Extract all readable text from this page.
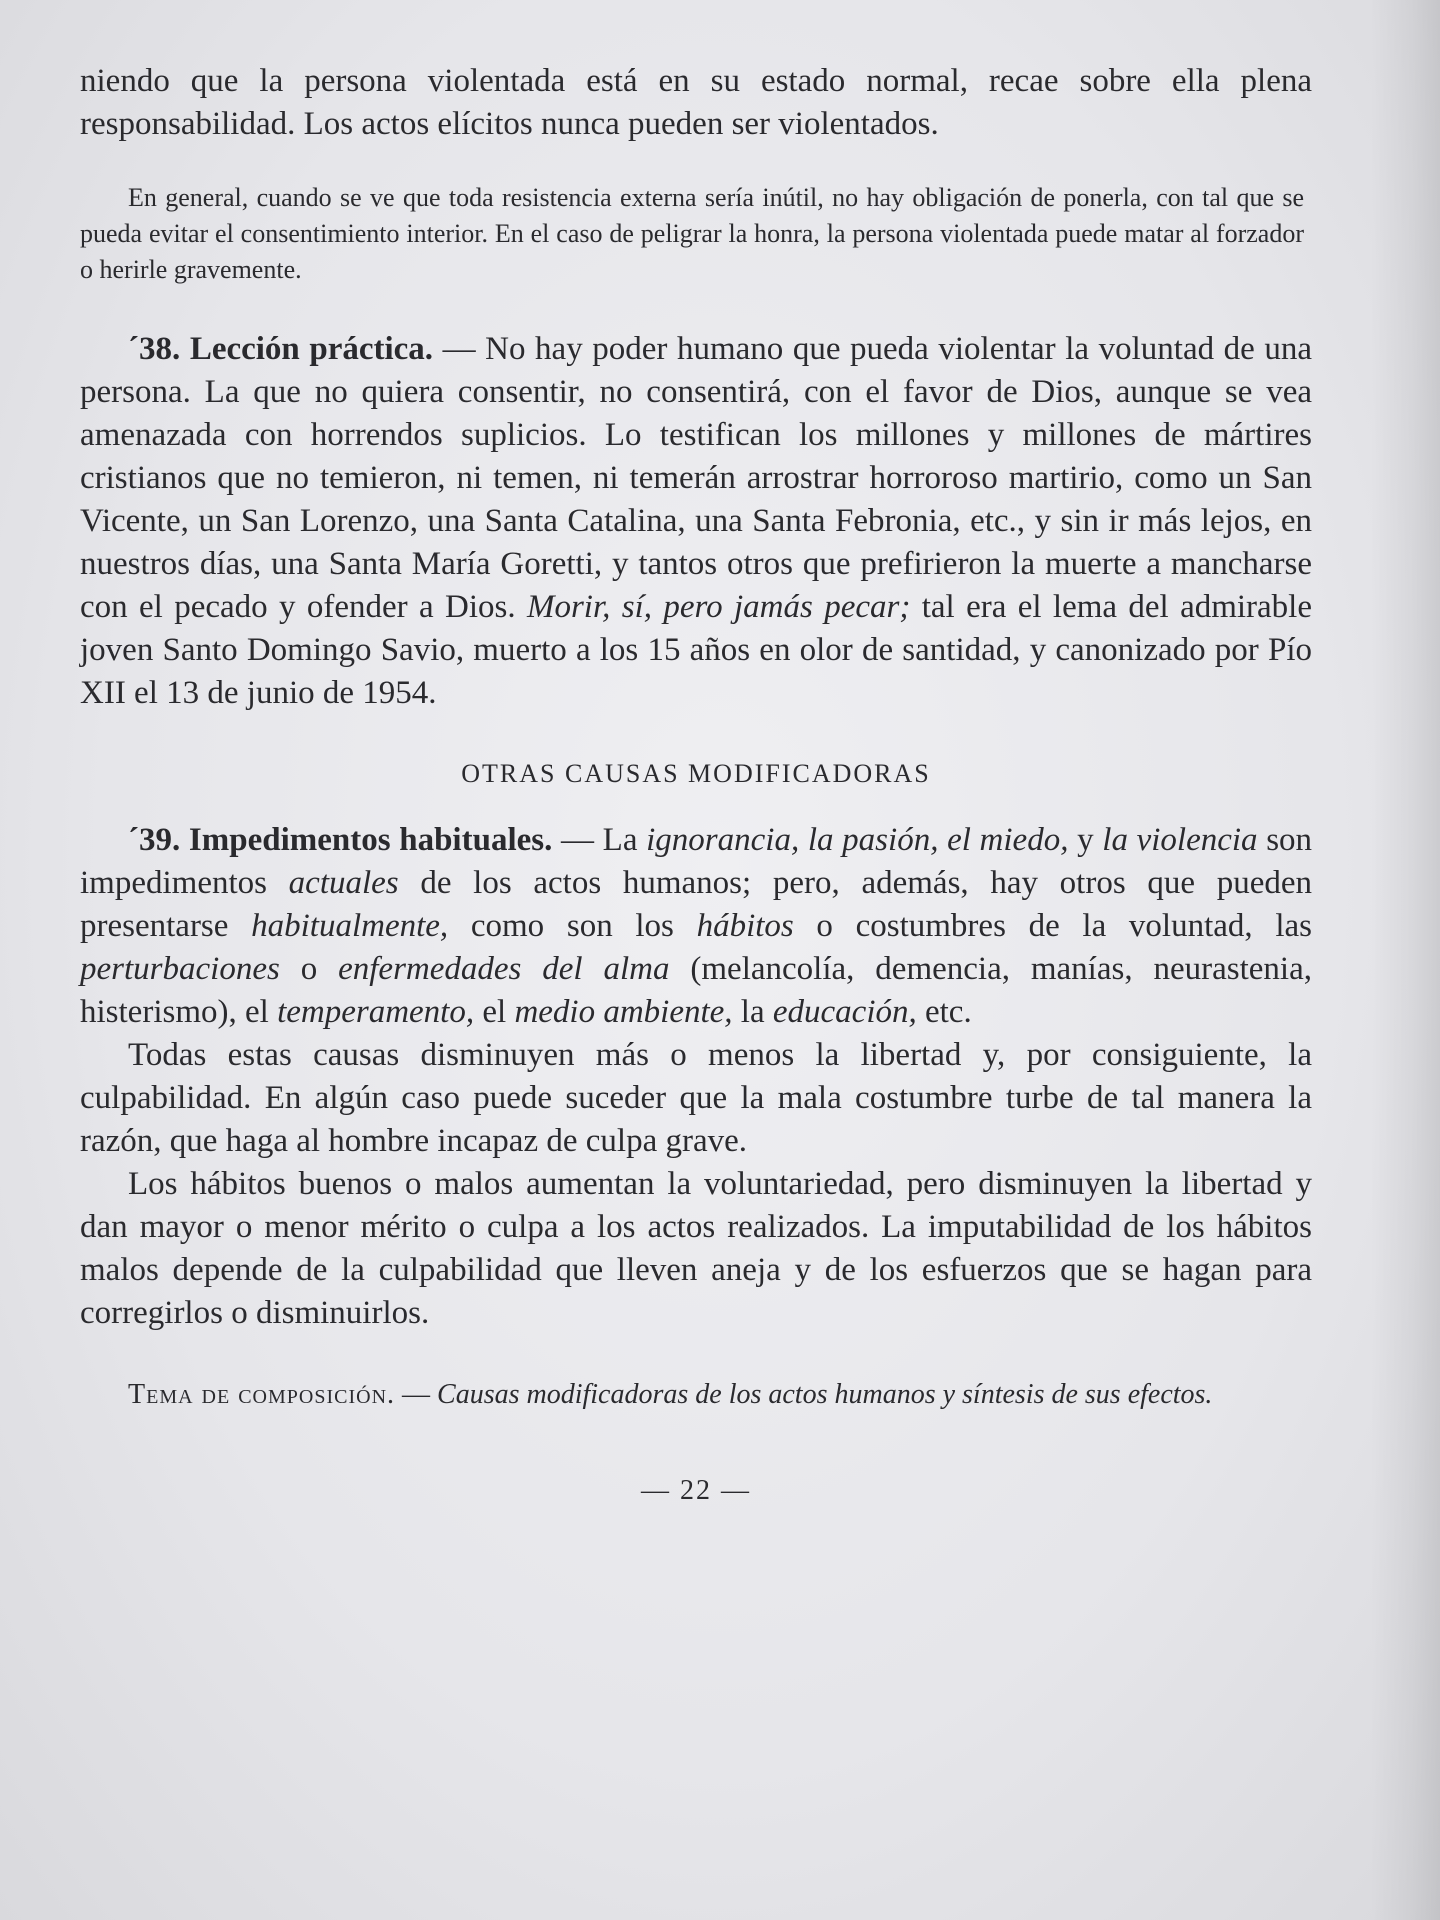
niendo que la persona violentada está en su estado normal, recae sobre ella plena responsabilidad. Los actos elícitos nunca pueden ser violentados.

En general, cuando se ve que toda resistencia externa sería inútil, no hay obligación de ponerla, con tal que se pueda evitar el consentimiento interior. En el caso de peligrar la honra, la persona violentada puede matar al forzador o herirle gravemente.

´38. Lección práctica. — No hay poder humano que pueda violentar la voluntad de una persona. La que no quiera consentir, no consentirá, con el favor de Dios, aunque se vea amenazada con horrendos suplicios. Lo testifican los millones y millones de mártires cristianos que no temieron, ni temen, ni temerán arrostrar horroroso martirio, como un San Vicente, un San Lorenzo, una Santa Catalina, una Santa Febronia, etc., y sin ir más lejos, en nuestros días, una Santa María Goretti, y tantos otros que prefirieron la muerte a mancharse con el pecado y ofender a Dios. Morir, sí, pero jamás pecar; tal era el lema del admirable joven Santo Domingo Savio, muerto a los 15 años en olor de santidad, y canonizado por Pío XII el 13 de junio de 1954.

OTRAS CAUSAS MODIFICADORAS

´39. Impedimentos habituales. — La ignorancia, la pasión, el miedo, y la violencia son impedimentos actuales de los actos humanos; pero, además, hay otros que pueden presentarse habitualmente, como son los hábitos o costumbres de la voluntad, las perturbaciones o enfermedades del alma (melancolía, demencia, manías, neurastenia, histerismo), el temperamento, el medio ambiente, la educación, etc.

Todas estas causas disminuyen más o menos la libertad y, por consiguiente, la culpabilidad. En algún caso puede suceder que la mala costumbre turbe de tal manera la razón, que haga al hombre incapaz de culpa grave.

Los hábitos buenos o malos aumentan la voluntariedad, pero disminuyen la libertad y dan mayor o menor mérito o culpa a los actos realizados. La imputabilidad de los hábitos malos depende de la culpabilidad que lleven aneja y de los esfuerzos que se hagan para corregirlos o disminuirlos.

Tema de composición. — Causas modificadoras de los actos humanos y síntesis de sus efectos.

— 22 —
